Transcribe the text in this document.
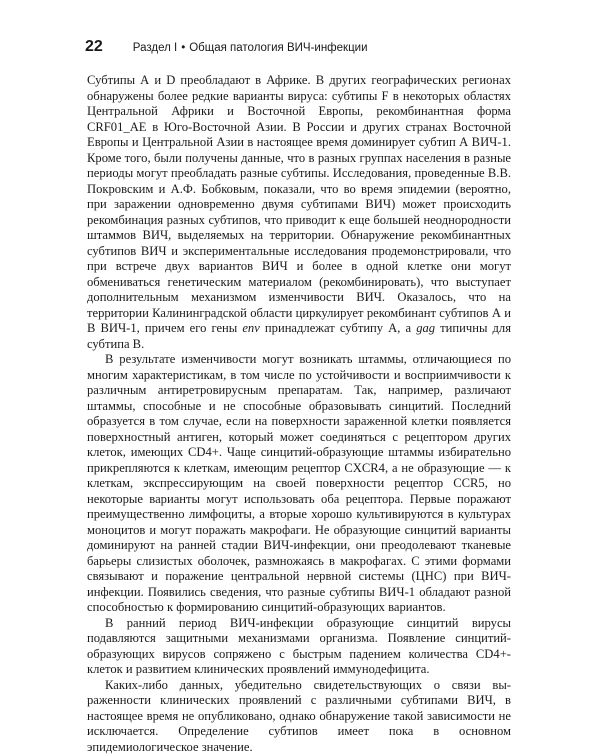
22	Раздел I • Общая патология ВИЧ-инфекции

Субтипы А и D преобладают в Африке. В других географических регионах обнаружены более редкие варианты вируса: субтипы F в некоторых областях Центральной Африки и Восточной Европы, рекомбинантная форма CRF01_AE в Юго-Восточной Азии. В России и других странах Восточной Европы и Центральной Азии в настоящее время доминирует субтип А ВИЧ-1. Кроме того, были получены данные, что в разных группах населения в разные периоды могут преобладать разные субтипы. Исследования, проведенные В.В. Покровским и А.Ф. Бобковым, показали, что во время эпидемии (вероятно, при заражении одновременно двумя субтипами ВИЧ) может происходить рекомбинация разных субтипов, что приводит к еще большей неоднородности штаммов ВИЧ, выделяемых на территории. Обнаружение рекомбинантных субтипов ВИЧ и экспериментальные исследования продемонстрировали, что при встрече двух вариантов ВИЧ и более в одной клетке они могут обмениваться генетическим материалом (рекомбинировать), что выступает дополнительным механизмом изменчивости ВИЧ. Оказалось, что на территории Калининградской области циркулирует рекомбинант субтипов А и В ВИЧ-1, причем его гены env принадлежат субтипу А, а gag типичны для субтипа В.

В результате изменчивости могут возникать штаммы, отличающиеся по многим характеристикам, в том числе по устойчивости и восприимчивости к различным антиретровирусным препаратам. Так, например, различают штаммы, способные и не способные образовывать синцитий. Последний образуется в том случае, если на поверхности зараженной клетки появляется поверхностный антиген, который может соединяться с рецептором других клеток, имеющих CD4+. Чаще синцитий-образующие штаммы избирательно прикрепляются к клеткам, имеющим рецептор CXCR4, а не образующие — к клеткам, экспрессирующим на своей поверхности рецептор CCR5, но некоторые варианты могут использовать оба рецептора. Первые поражают преимущественно лимфоциты, а вторые хорошо культивируются в культурах моноцитов и могут поражать макрофаги. Не образующие синцитий варианты доминируют на ранней стадии ВИЧ-инфекции, они преодолевают тканевые барьеры слизистых оболочек, размножаясь в макрофагах. С этими формами связывают и поражение центральной нервной системы (ЦНС) при ВИЧ-инфекции. Появились сведения, что разные субтипы ВИЧ-1 обладают разной способностью к формированию синцитий-образующих вариантов.

В ранний период ВИЧ-инфекции образующие синцитий вирусы подавляются защитными механизмами организма. Появление синцитий-образующих вирусов сопряжено с быстрым падением количества CD4+-клеток и развитием клинических проявлений иммунодефицита.

Каких-либо данных, убедительно свидетельствующих о связи выраженности клинических проявлений с различными субтипами ВИЧ, в настоящее время не опубликовано, однако обнаружение такой зависимости не исключается. Определение субтипов имеет пока в основном эпидемиологическое значение.
